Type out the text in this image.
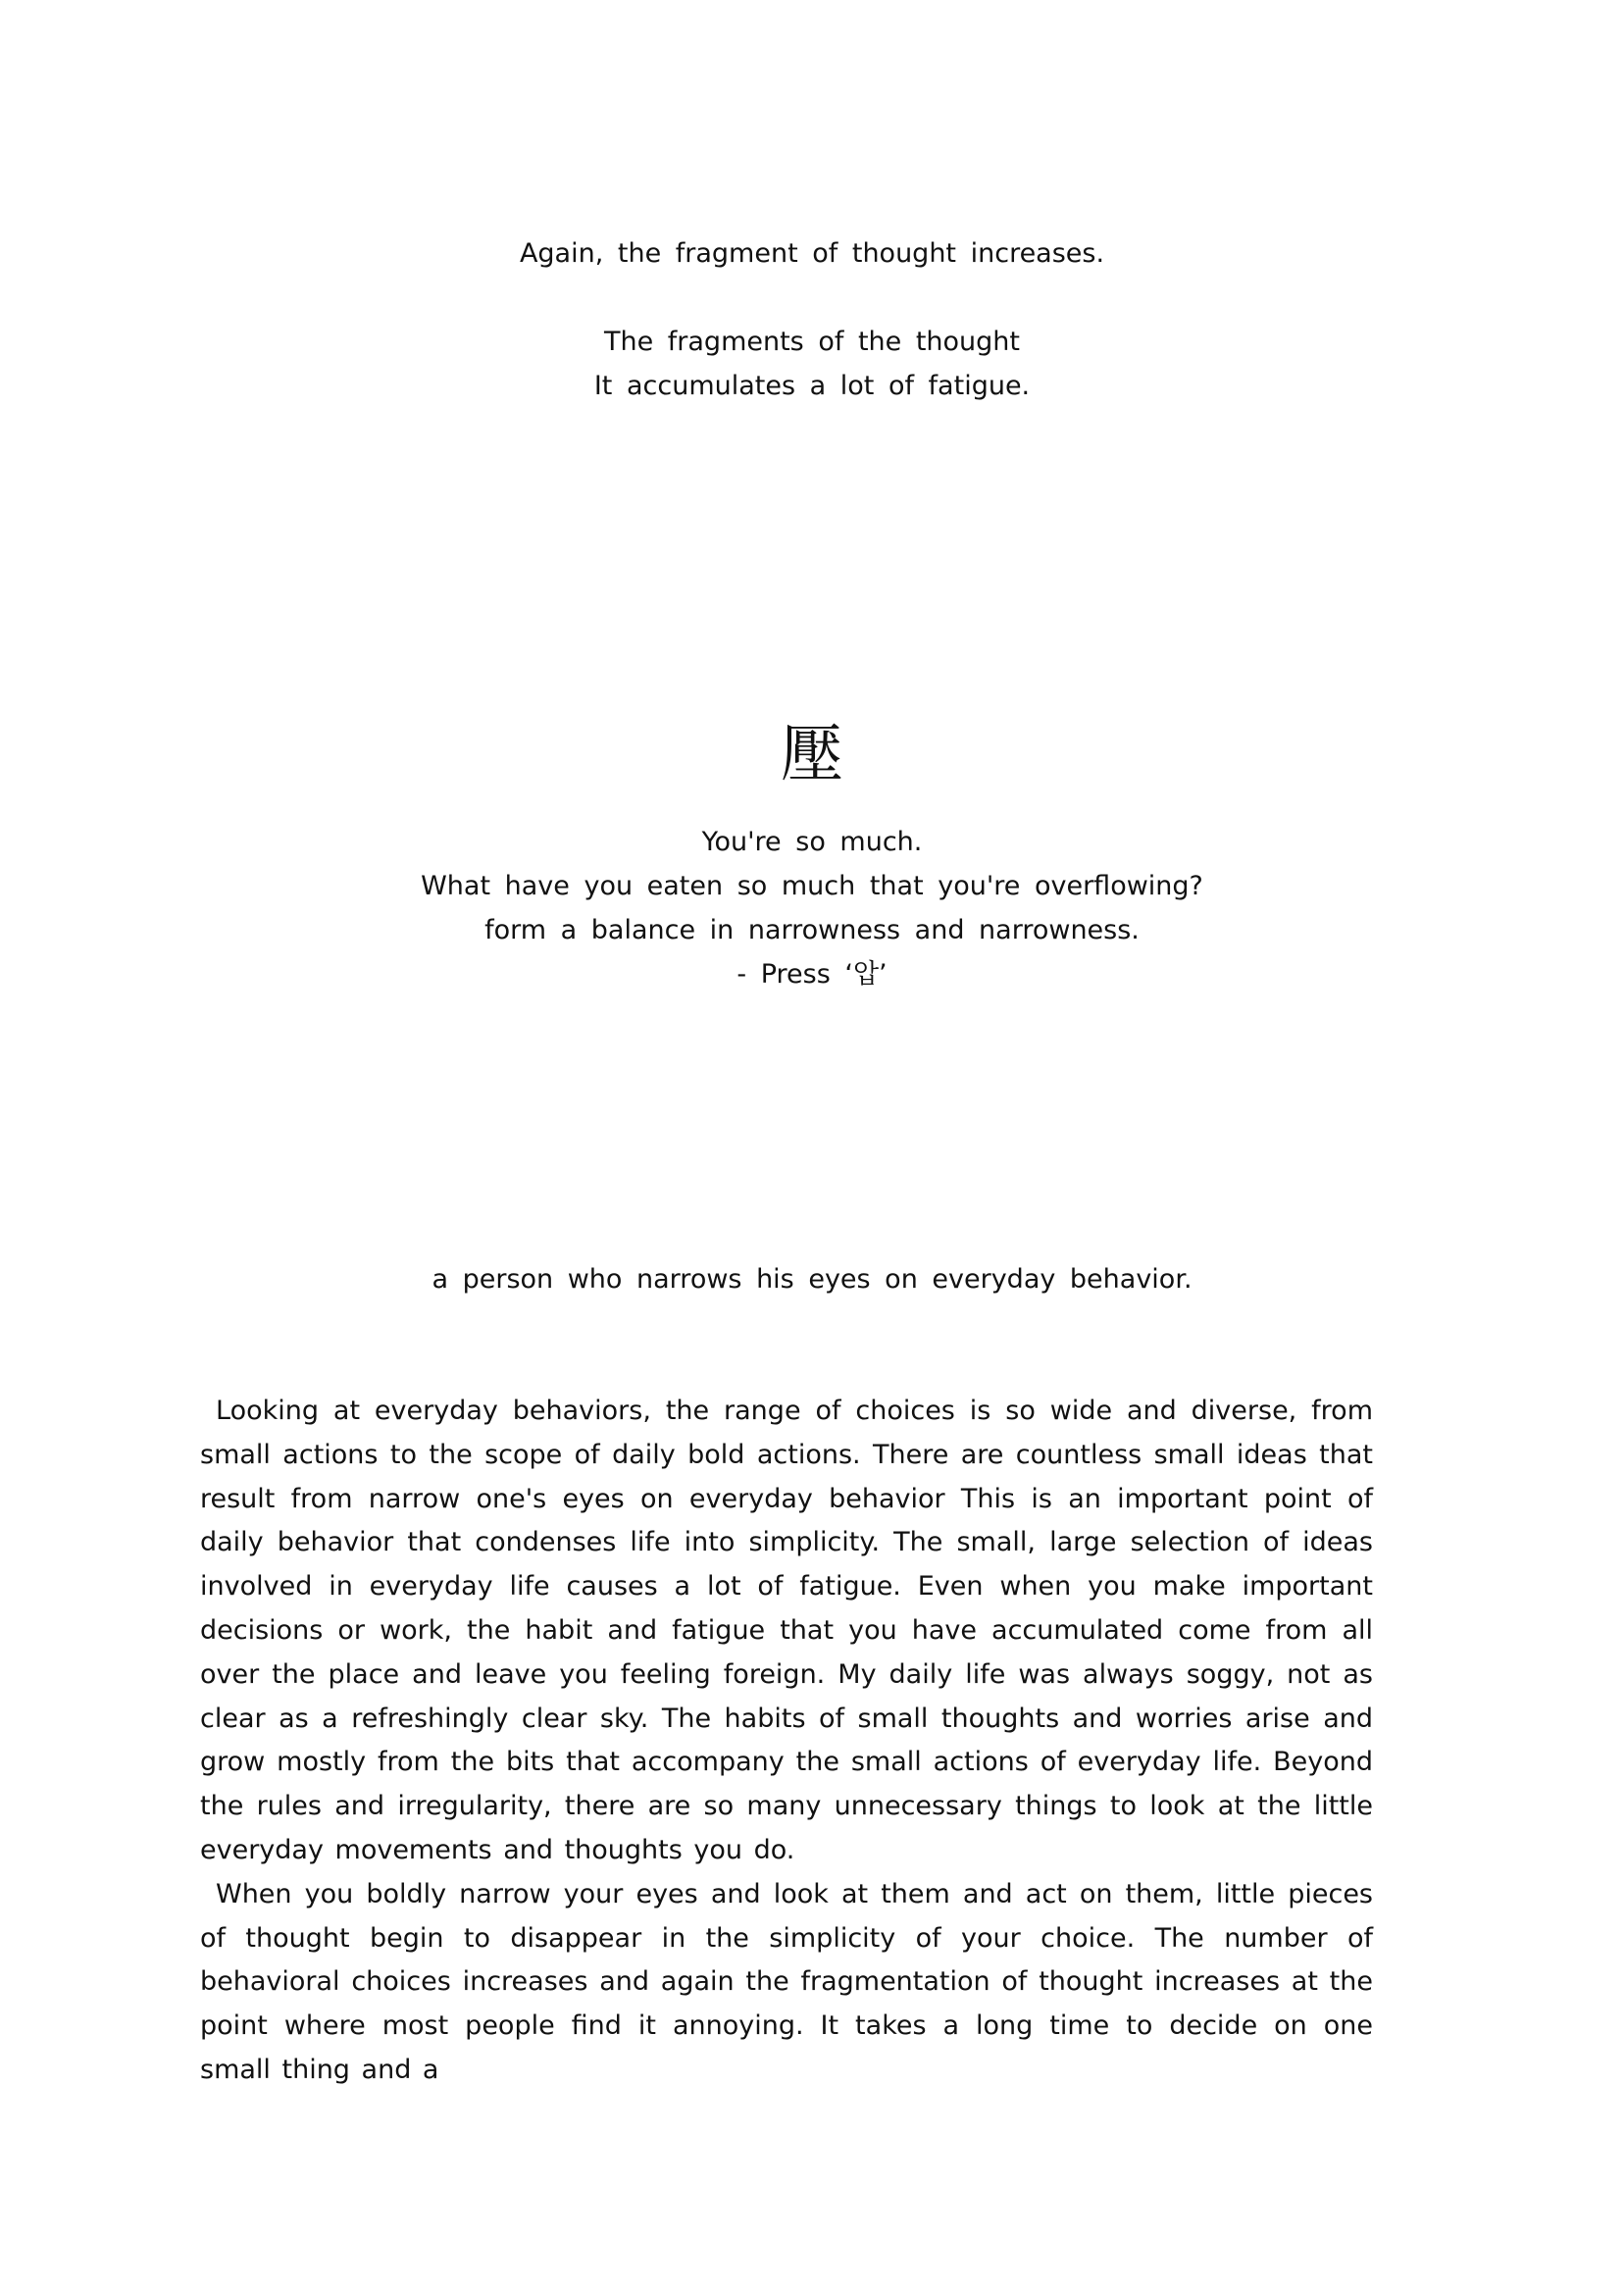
Again, the fragment of thought increases.
The fragments of the thought
It accumulates a lot of fatigue.
壓
You're so much.
What have you eaten so much that you're overflowing?
form a balance in narrowness and narrowness.
- Press ‘압’
a person who narrows his eyes on everyday behavior.

Looking at everyday behaviors, the range of choices is so wide and diverse, from small actions to the scope of daily bold actions. There are countless small ideas that result from narrow one's eyes on everyday behavior This is an important point of daily behavior that condenses life into simplicity. The small, large selection of ideas involved in everyday life causes a lot of fatigue. Even when you make important decisions or work, the habit and fatigue that you have accumulated come from all over the place and leave you feeling foreign. My daily life was always soggy, not as clear as a refreshingly clear sky. The habits of small thoughts and worries arise and grow mostly from the bits that accompany the small actions of everyday life. Beyond the rules and irregularity, there are so many unnecessary things to look at the little everyday movements and thoughts you do.

When you boldly narrow your eyes and look at them and act on them, little pieces of thought begin to disappear in the simplicity of your choice. The number of behavioral choices increases and again the fragmentation of thought increases at the point where most people find it annoying. It takes a long time to decide on one small thing and a
